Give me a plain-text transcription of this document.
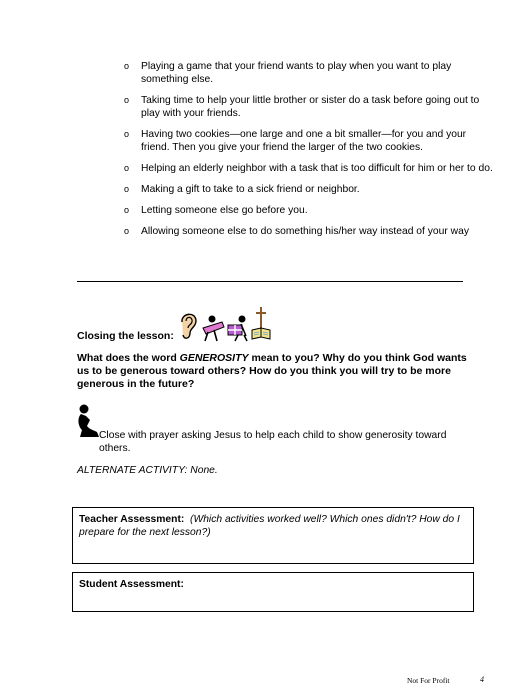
o Playing a game that your friend wants to play when you want to play something else.
o Taking time to help your little brother or sister do a task before going out to play with your friends.
o Having two cookies—one large and one a bit smaller—for you and your friend. Then you give your friend the larger of the two cookies.
o Helping an elderly neighbor with a task that is too difficult for him or her to do.
o Making a gift to take to a sick friend or neighbor.
o Letting someone else go before you.
o Allowing someone else to do something his/her way instead of your way
Closing the lesson:
What does the word GENEROSITY mean to you? Why do you think God wants us to be generous toward others? How do you think you will try to be more generous in the future?
Close with prayer asking Jesus to help each child to show generosity toward others.
ALTERNATE ACTIVITY: None.
Teacher Assessment: (Which activities worked well? Which ones didn't? How do I prepare for the next lesson?)
Student Assessment:
Not For Profit	4
